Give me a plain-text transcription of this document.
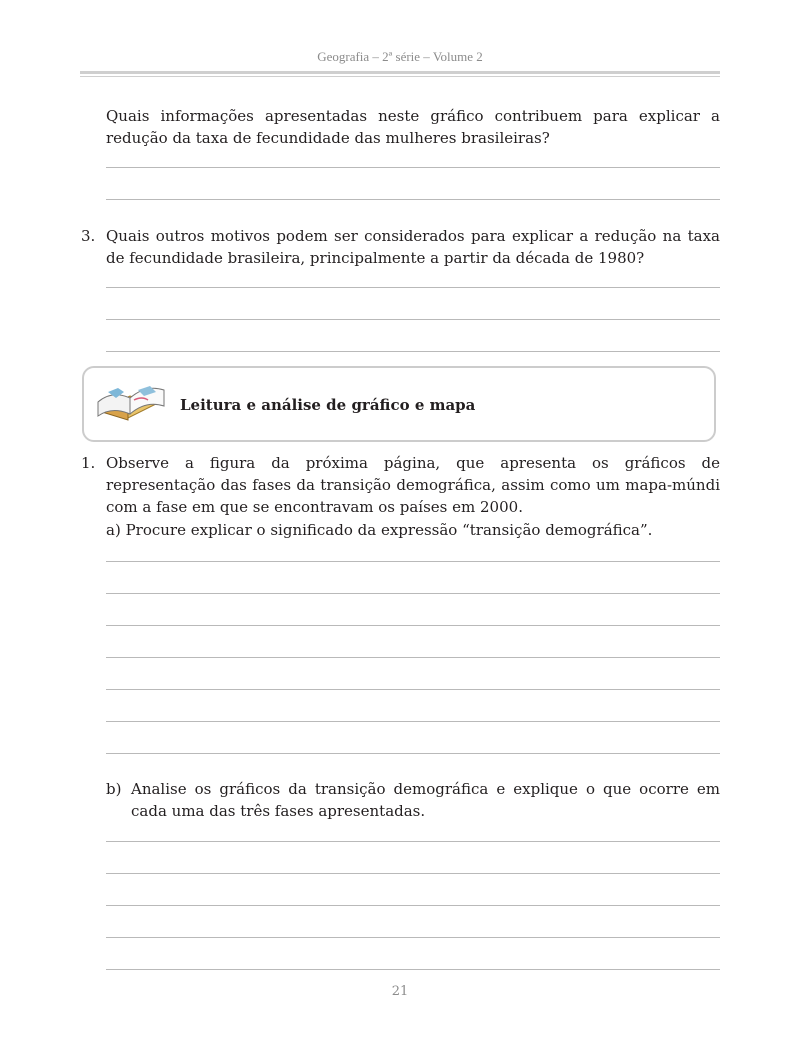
Geografia – 2ª série – Volume 2
Quais informações apresentadas neste gráfico contribuem para explicar a redução da taxa de fecundidade das mulheres brasileiras?
3. Quais outros motivos podem ser considerados para explicar a redução na taxa de fecundidade brasileira, principalmente a partir da década de 1980?
Leitura e análise de gráfico e mapa
1. Observe a figura da próxima página, que apresenta os gráficos de representação das fases da transição demográfica, assim como um mapa-múndi com a fase em que se encontravam os países em 2000.
a) Procure explicar o significado da expressão “transição demográfica”.
b) Analise os gráficos da transição demográfica e explique o que ocorre em cada uma das três fases apresentadas.
21
